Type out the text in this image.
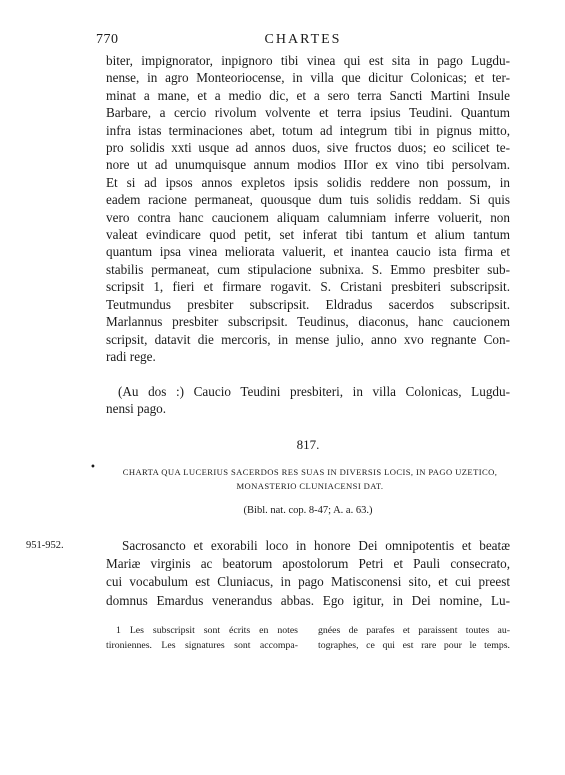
770	CHARTES
biter, impignorator, inpignoro tibi vinea qui est sita in pago Lugdu-
nense, in agro Monteoriocense, in villa que dicitur Colonicas; et ter-
minat a mane, et a medio dic, et a sero terra Sancti Martini Insule
Barbare, a cercio rivolum volvente et terra ipsius Teudini. Quantum
infra istas terminaciones abet, totum ad integrum tibi in pignus mitto,
pro solidis xxti usque ad annos duos, sive fructos duos; eo scilicet te-
nore ut ad unumquisque annum modios IIIor ex vino tibi persolvam.
Et si ad ipsos annos expletos ipsis solidis reddere non possum, in
eadem racione permaneat, quousque dum tuis solidis reddam. Si quis
vero contra hanc caucionem aliquam calumniam inferre voluerit, non
valeat evindicare quod petit, set inferat tibi tantum et alium tantum
quantum ipsa vinea meliorata valuerit, et inantea caucio ista firma et
stabilis permaneat, cum stipulacione subnixa. S. Emmo presbiter sub-
scripsit 1, fieri et firmare rogavit. S. Cristani presbiteri subscripsit.
Teutmundus presbiter subscripsit. Eldradus sacerdos subscripsit.
Marlannus presbiter subscripsit. Teudinus, diaconus, hanc caucionem
scripsit, datavit die mercoris, in mense julio, anno xvo regnante Con-
radi rege.
(Au dos :) Caucio Teudini presbiteri, in villa Colonicas, Lugdu-
nensi pago.
817.
•	CHARTA QUA LUCERIUS SACERDOS RES SUAS IN DIVERSIS LOCIS, IN PAGO UZETICO,
MONASTERIO CLUNIACENSI DAT.
(Bibl. nat. cop. 8-47; A. a. 63.)
951-952.	Sacrosancto et exorabili loco in honore Dei omnipotentis et beatæ
Mariæ virginis ac beatorum apostolorum Petri et Pauli consecrato,
cui vocabulum est Cluniacus, in pago Matisconensi sito, et cui preest
domnus Emardus venerandus abbas. Ego igitur, in Dei nomine, Lu-
1 Les subscripsit sont écrits en notes
tironiennes. Les signatures sont accompa-
gnées de parafes et paraissent toutes au-
tographes, ce qui est rare pour le temps.
